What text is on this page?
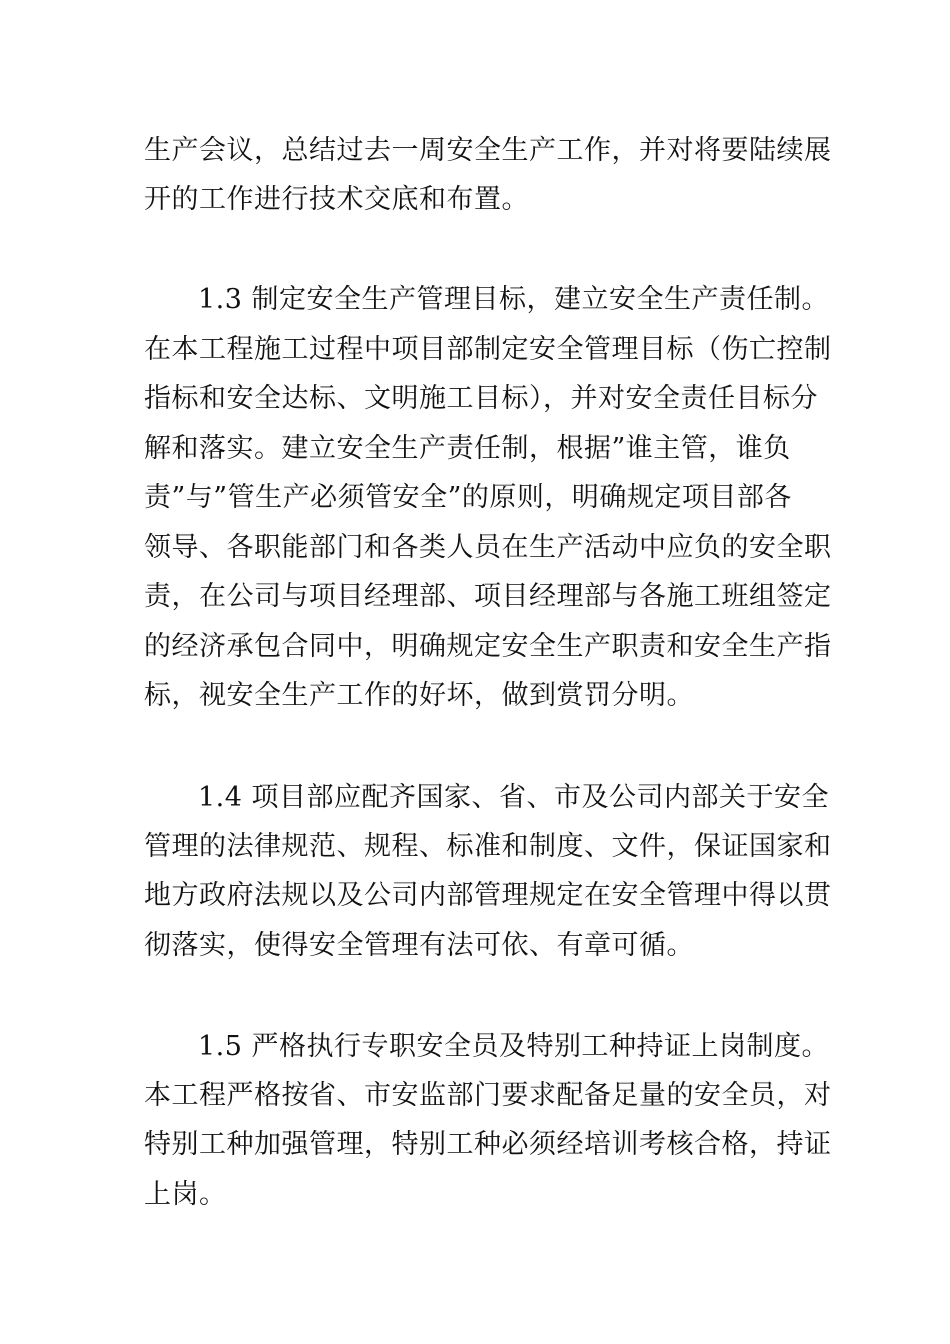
生产会议，总结过去一周安全生产工作，并对将要陆续展
开的工作进行技术交底和布置。
1.3 制定安全生产管理目标，建立安全生产责任制。
在本工程施工过程中项目部制定安全管理目标（伤亡控制
指标和安全达标、文明施工目标），并对安全责任目标分
解和落实。建立安全生产责任制，根据”谁主管，谁负
责”与”管生产必须管安全”的原则，明确规定项目部各
领导、各职能部门和各类人员在生产活动中应负的安全职
责，在公司与项目经理部、项目经理部与各施工班组签定
的经济承包合同中，明确规定安全生产职责和安全生产指
标，视安全生产工作的好坏，做到赏罚分明。
1.4 项目部应配齐国家、省、市及公司内部关于安全
管理的法律规范、规程、标准和制度、文件，保证国家和
地方政府法规以及公司内部管理规定在安全管理中得以贯
彻落实，使得安全管理有法可依、有章可循。
1.5 严格执行专职安全员及特别工种持证上岗制度。
本工程严格按省、市安监部门要求配备足量的安全员，对
特别工种加强管理，特别工种必须经培训考核合格，持证
上岗。
